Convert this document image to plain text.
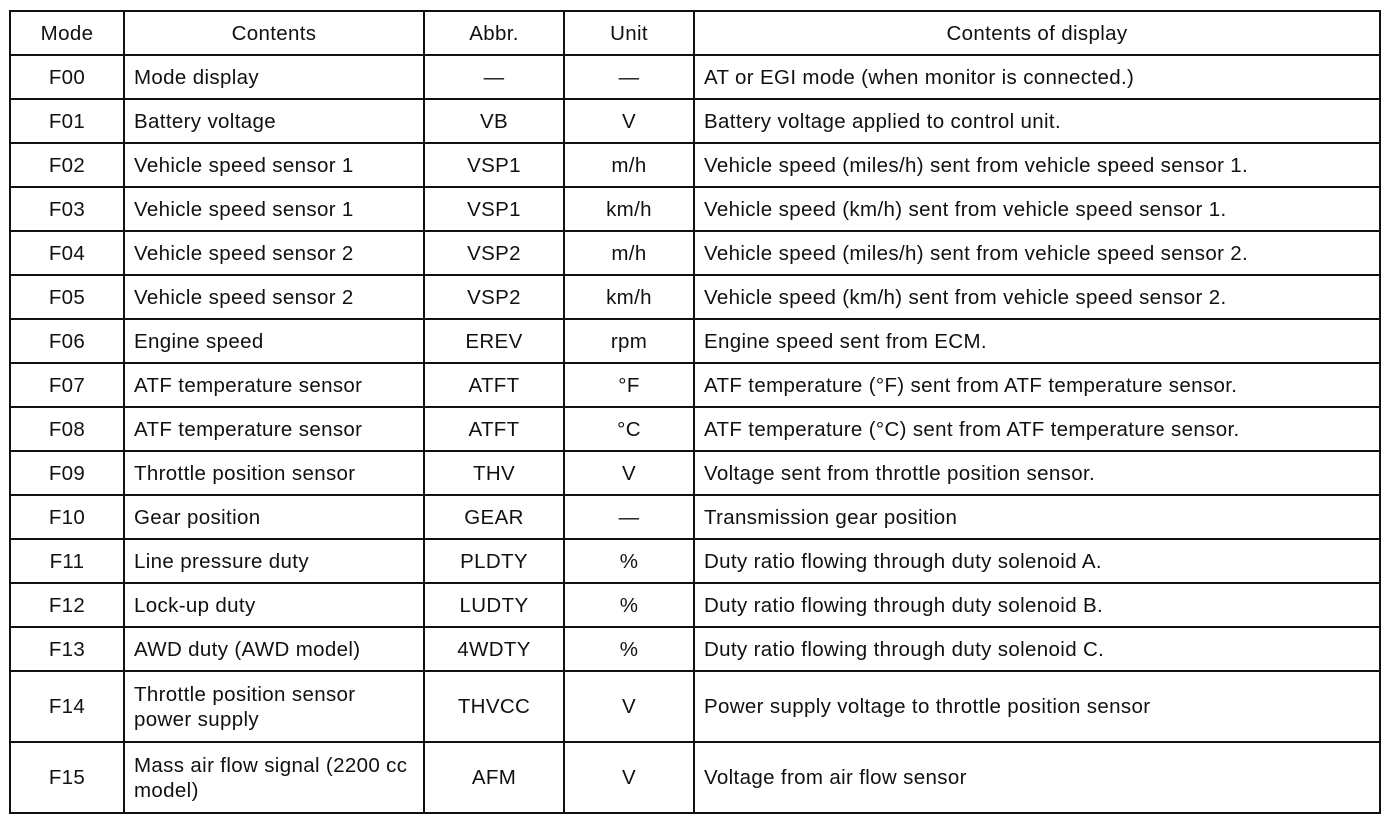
Mode	Contents	Abbr.	Unit	Contents of display
F00	Mode display	—	—	AT or EGI mode (when monitor is connected.)
F01	Battery voltage	VB	V	Battery voltage applied to control unit.
F02	Vehicle speed sensor 1	VSP1	m/h	Vehicle speed (miles/h) sent from vehicle speed sensor 1.
F03	Vehicle speed sensor 1	VSP1	km/h	Vehicle speed (km/h) sent from vehicle speed sensor 1.
F04	Vehicle speed sensor 2	VSP2	m/h	Vehicle speed (miles/h) sent from vehicle speed sensor 2.
F05	Vehicle speed sensor 2	VSP2	km/h	Vehicle speed (km/h) sent from vehicle speed sensor 2.
F06	Engine speed	EREV	rpm	Engine speed sent from ECM.
F07	ATF temperature sensor	ATFT	°F	ATF temperature (°F) sent from ATF temperature sensor.
F08	ATF temperature sensor	ATFT	°C	ATF temperature (°C) sent from ATF temperature sensor.
F09	Throttle position sensor	THV	V	Voltage sent from throttle position sensor.
F10	Gear position	GEAR	—	Transmission gear position
F11	Line pressure duty	PLDTY	%	Duty ratio flowing through duty solenoid A.
F12	Lock-up duty	LUDTY	%	Duty ratio flowing through duty solenoid B.
F13	AWD duty (AWD model)	4WDTY	%	Duty ratio flowing through duty solenoid C.
F14	Throttle position sensor power supply	THVCC	V	Power supply voltage to throttle position sensor
F15	Mass air flow signal (2200 cc model)	AFM	V	Voltage from air flow sensor
